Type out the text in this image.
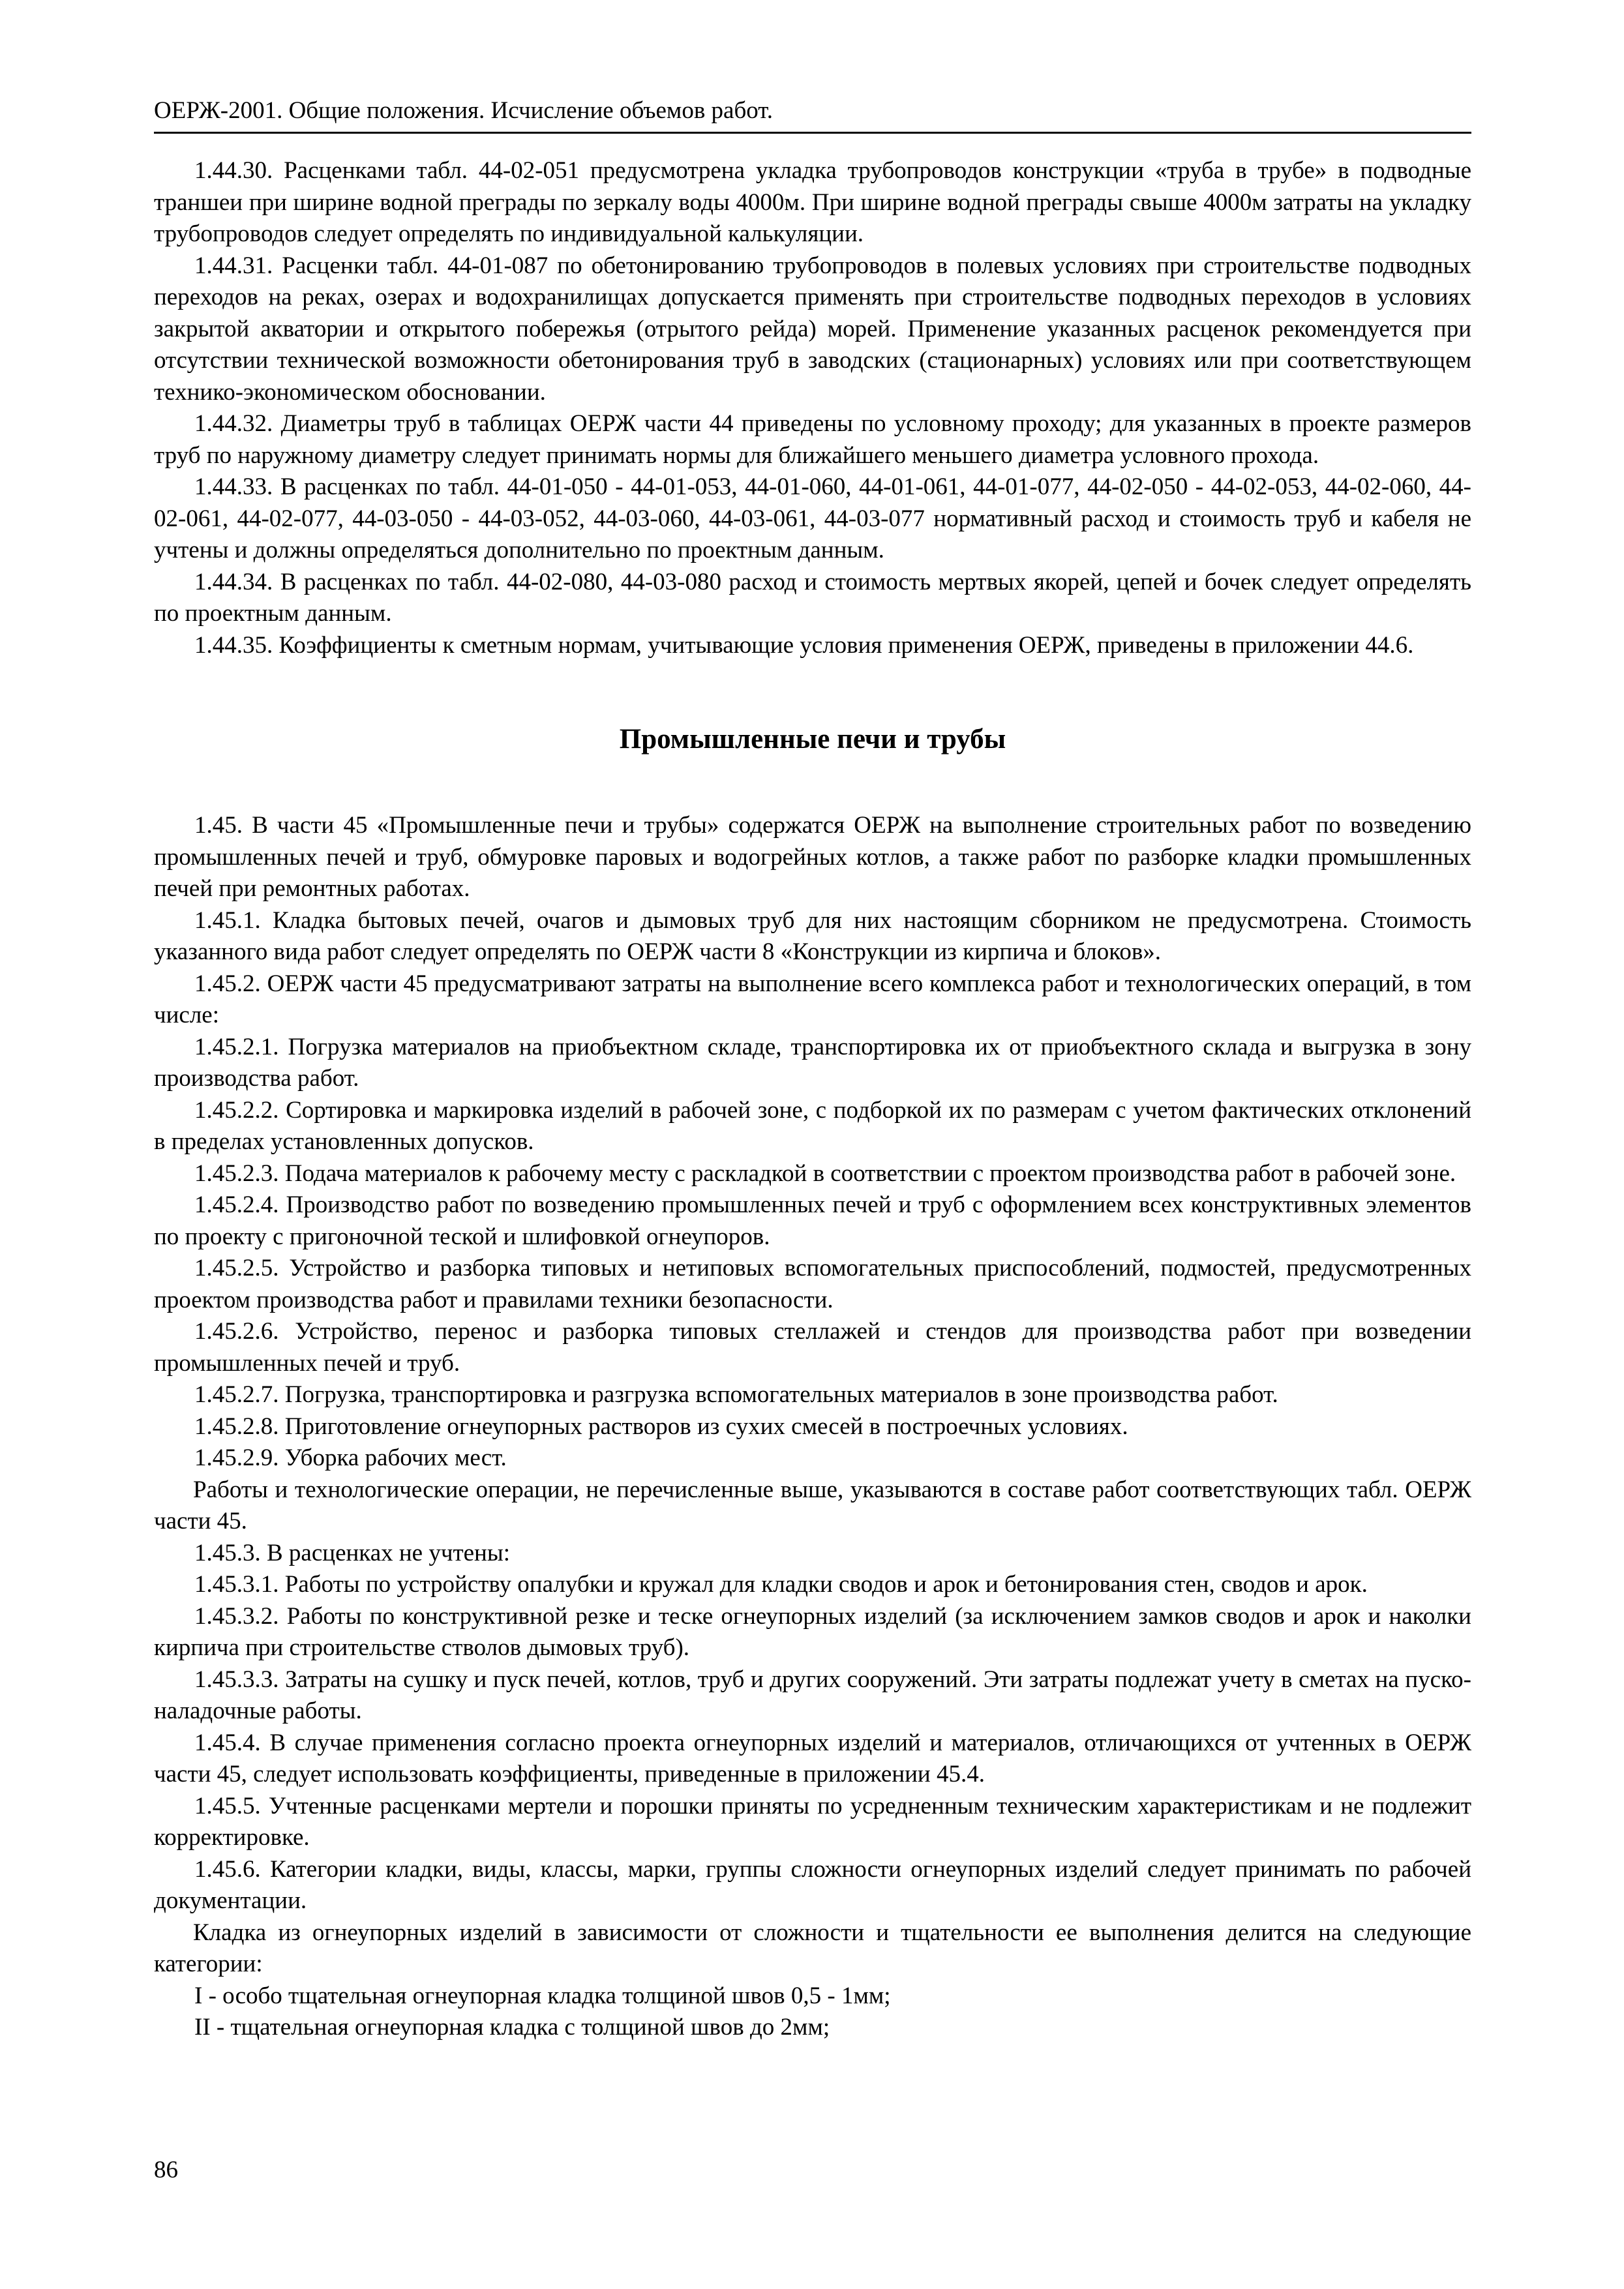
ОЕРЖ-2001. Общие положения. Исчисление объемов работ.

1.44.30. Расценками табл. 44-02-051 предусмотрена укладка трубопроводов конструкции «труба в трубе» в подводные траншеи при ширине водной преграды по зеркалу воды 4000м. При ширине водной преграды свыше 4000м затраты на укладку трубопроводов следует определять по индивидуальной калькуляции.

1.44.31. Расценки табл. 44-01-087 по обетонированию трубопроводов в полевых условиях при строительстве подводных переходов на реках, озерах и водохранилищах допускается применять при строительстве подводных переходов в условиях закрытой акватории и открытого побережья (отрытого рейда) морей. Применение указанных расценок рекомендуется при отсутствии технической возможности обетонирования труб в заводских (стационарных) условиях или при соответствующем технико-экономическом обосновании.

1.44.32. Диаметры труб в таблицах ОЕРЖ части 44 приведены по условному проходу; для указанных в проекте размеров труб по наружному диаметру следует принимать нормы для ближайшего меньшего диаметра условного прохода.

1.44.33. В расценках по табл. 44-01-050 - 44-01-053, 44-01-060, 44-01-061, 44-01-077, 44-02-050 - 44-02-053, 44-02-060, 44-02-061, 44-02-077, 44-03-050 - 44-03-052, 44-03-060, 44-03-061, 44-03-077 нормативный расход и стоимость труб и кабеля не учтены и должны определяться дополнительно по проектным данным.

1.44.34. В расценках по табл. 44-02-080, 44-03-080 расход и стоимость мертвых якорей, цепей и бочек следует определять по проектным данным.

1.44.35. Коэффициенты к сметным нормам, учитывающие условия применения ОЕРЖ, приведены в приложении 44.6.

Промышленные печи и трубы

1.45. В части 45 «Промышленные печи и трубы» содержатся ОЕРЖ на выполнение строительных работ по возведению промышленных печей и труб, обмуровке паровых и водогрейных котлов, а также работ по разборке кладки промышленных печей при ремонтных работах.

1.45.1. Кладка бытовых печей, очагов и дымовых труб для них настоящим сборником не предусмотрена. Стоимость указанного вида работ следует определять по ОЕРЖ части 8 «Конструкции из кирпича и блоков».

1.45.2. ОЕРЖ части 45 предусматривают затраты на выполнение всего комплекса работ и технологических операций, в том числе:

1.45.2.1. Погрузка материалов на приобъектном складе, транспортировка их от приобъектного склада и выгрузка в зону производства работ.

1.45.2.2. Сортировка и маркировка изделий в рабочей зоне, с подборкой их по размерам с учетом фактических отклонений в пределах установленных допусков.

1.45.2.3. Подача материалов к рабочему месту с раскладкой в соответствии с проектом производства работ в рабочей зоне.

1.45.2.4. Производство работ по возведению промышленных печей и труб с оформлением всех конструктивных элементов по проекту с пригоночной теской и шлифовкой огнеупоров.

1.45.2.5. Устройство и разборка типовых и нетиповых вспомогательных приспособлений, подмостей, предусмотренных проектом производства работ и правилами техники безопасности.

1.45.2.6. Устройство, перенос и разборка типовых стеллажей и стендов для производства работ при возведении промышленных печей и труб.

1.45.2.7. Погрузка, транспортировка и разгрузка вспомогательных материалов в зоне производства работ.

1.45.2.8. Приготовление огнеупорных растворов из сухих смесей в построечных условиях.

1.45.2.9. Уборка рабочих мест.

Работы и технологические операции, не перечисленные выше, указываются в составе работ соответствующих табл. ОЕРЖ части 45.

1.45.3. В расценках не учтены:

1.45.3.1. Работы по устройству опалубки и кружал для кладки сводов и арок и бетонирования стен, сводов и арок.

1.45.3.2. Работы по конструктивной резке и теске огнеупорных изделий (за исключением замков сводов и арок и наколки кирпича при строительстве стволов дымовых труб).

1.45.3.3. Затраты на сушку и пуск печей, котлов, труб и других сооружений. Эти затраты подлежат учету в сметах на пуско-наладочные работы.

1.45.4. В случае применения согласно проекта огнеупорных изделий и материалов, отличающихся от учтенных в ОЕРЖ части 45, следует использовать коэффициенты, приведенные в приложении 45.4.

1.45.5. Учтенные расценками мертели и порошки приняты по усредненным техническим характеристикам и не подлежит корректировке.

1.45.6. Категории кладки, виды, классы, марки, группы сложности огнеупорных изделий следует принимать по рабочей документации.

Кладка из огнеупорных изделий в зависимости от сложности и тщательности ее выполнения делится на следующие категории:

I - особо тщательная огнеупорная кладка толщиной швов 0,5 - 1мм;

II - тщательная огнеупорная кладка с толщиной швов до 2мм;

86
